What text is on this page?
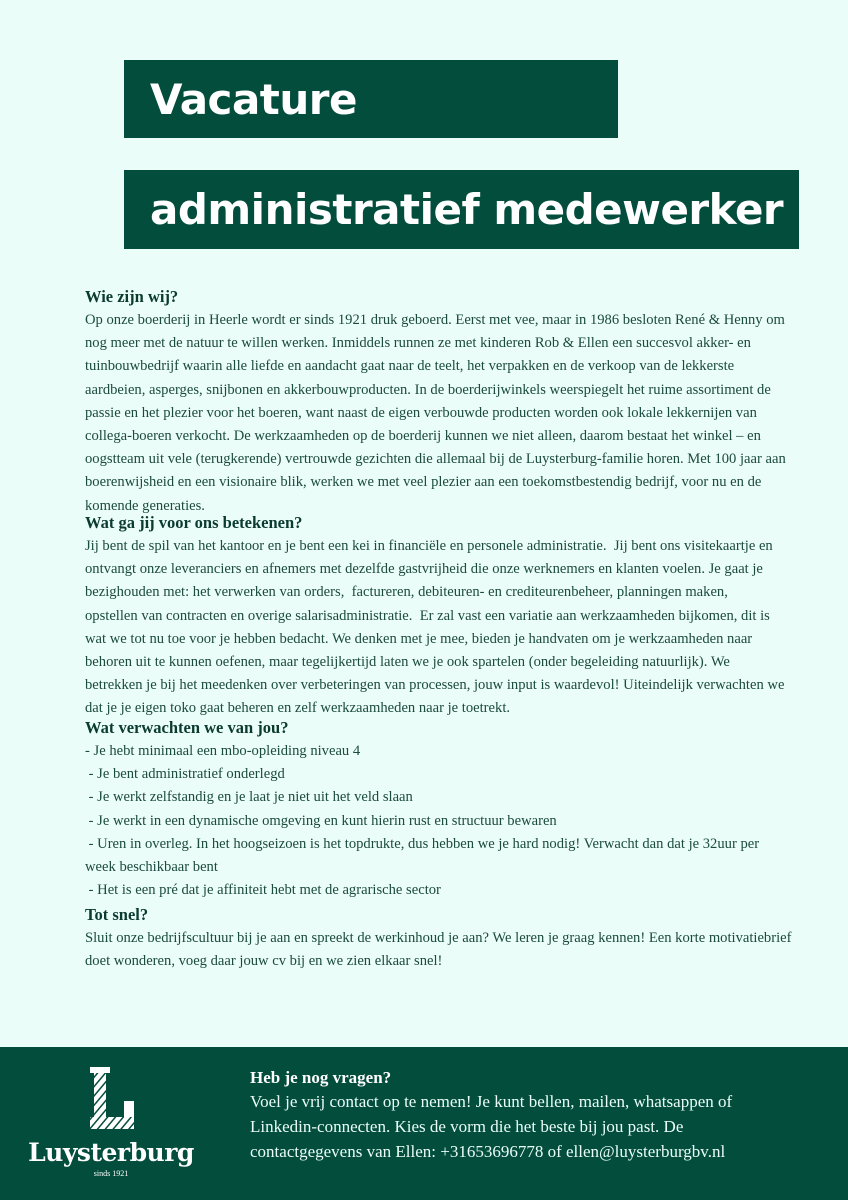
Vacature
administratief medewerker
Wie zijn wij?
Op onze boerderij in Heerle wordt er sinds 1921 druk geboerd. Eerst met vee, maar in 1986 besloten René & Henny om
nog meer met de natuur te willen werken. Inmiddels runnen ze met kinderen Rob & Ellen een succesvol akker- en
tuinbouwbedrijf waarin alle liefde en aandacht gaat naar de teelt, het verpakken en de verkoop van de lekkerste
aardbeien, asperges, snijbonen en akkerbouwproducten. In de boerderijwinkels weerspiegelt het ruime assortiment de
passie en het plezier voor het boeren, want naast de eigen verbouwde producten worden ook lokale lekkernijen van
collega-boeren verkocht. De werkzaamheden op de boerderij kunnen we niet alleen, daarom bestaat het winkel – en
oogstteam uit vele (terugkerende) vertrouwde gezichten die allemaal bij de Luysterburg-familie horen. Met 100 jaar aan
boerenwijsheid en een visionaire blik, werken we met veel plezier aan een toekomstbestendig bedrijf, voor nu en de
komende generaties.
Wat ga jij voor ons betekenen?
Jij bent de spil van het kantoor en je bent een kei in financiële en personele administratie.  Jij bent ons visitekaartje en
ontvangt onze leveranciers en afnemers met dezelfde gastvrijheid die onze werknemers en klanten voelen. Je gaat je
bezighouden met: het verwerken van orders,  factureren, debiteuren- en crediteurenbeheer, planningen maken,
opstellen van contracten en overige salarisadministratie.  Er zal vast een variatie aan werkzaamheden bijkomen, dit is
wat we tot nu toe voor je hebben bedacht. We denken met je mee, bieden je handvaten om je werkzaamheden naar
behoren uit te kunnen oefenen, maar tegelijkertijd laten we je ook spartelen (onder begeleiding natuurlijk). We
betrekken je bij het meedenken over verbeteringen van processen, jouw input is waardevol! Uiteindelijk verwachten we
dat je je eigen toko gaat beheren en zelf werkzaamheden naar je toetrekt.
Wat verwachten we van jou?
- Je hebt minimaal een mbo-opleiding niveau 4
- Je bent administratief onderlegd
- Je werkt zelfstandig en je laat je niet uit het veld slaan
- Je werkt in een dynamische omgeving en kunt hierin rust en structuur bewaren
- Uren in overleg. In het hoogseizoen is het topdrukte, dus hebben we je hard nodig! Verwacht dan dat je 32uur per
week beschikbaar bent
- Het is een pré dat je affiniteit hebt met de agrarische sector
Tot snel?
Sluit onze bedrijfscultuur bij je aan en spreekt de werkinhoud je aan? We leren je graag kennen! Een korte motivatiebrief
doet wonderen, voeg daar jouw cv bij en we zien elkaar snel!
Luysterburg
sinds 1921
Heb je nog vragen?
Voel je vrij contact op te nemen! Je kunt bellen, mailen, whatsappen of
Linkedin-connecten. Kies de vorm die het beste bij jou past. De
contactgegevens van Ellen: +31653696778 of ellen@luysterburgbv.nl
